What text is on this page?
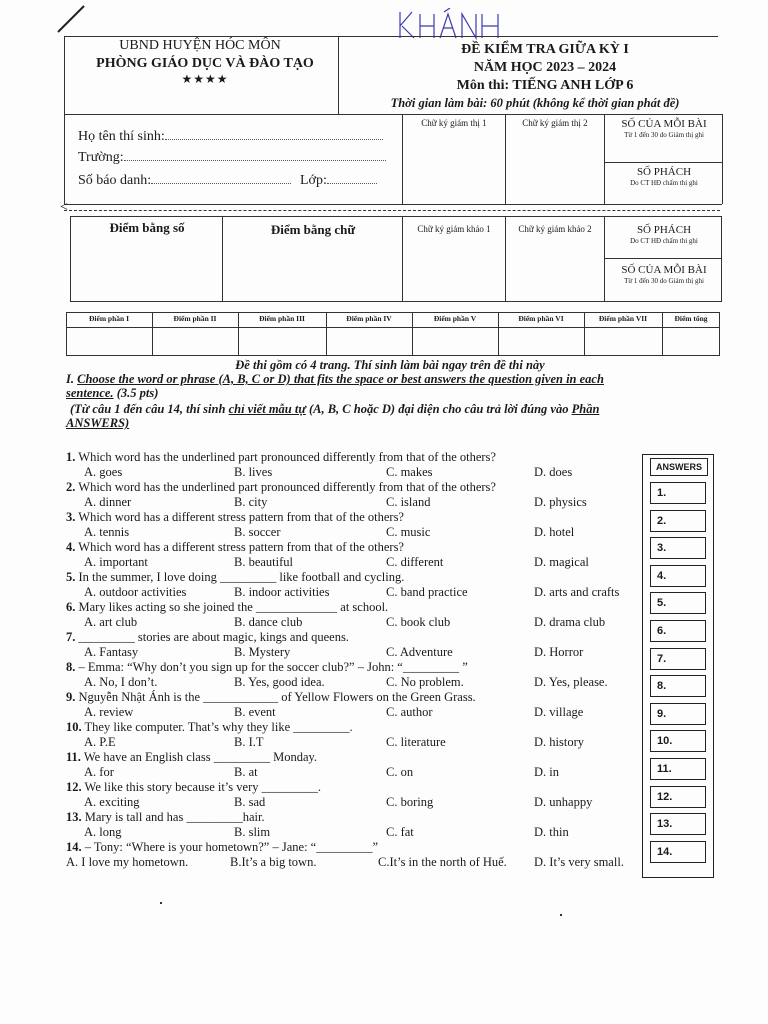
UBND HUYỆN HÓC MÔN
PHÒNG GIÁO DỤC VÀ ĐÀO TẠO
★★★★
ĐỀ KIỂM TRA GIỮA KỲ I
NĂM HỌC 2023 – 2024
Môn thi: TIẾNG ANH LỚP 6
Thời gian làm bài: 60 phút (không kể thời gian phát đề)
Họ tên thí sinh:
Trường:
Số báo danh:	Lớp:
Chữ ký giám thị 1	Chữ ký giám thị 2	SỐ CỦA MỖI BÀI
Từ 1 đến 30 do Giám thị ghi
SỐ PHÁCH
Do CT HĐ chấm thi ghi
<
Điểm bằng số	Điểm bằng chữ	Chữ ký giám khảo 1	Chữ ký giám khảo 2	SỐ PHÁCH
Do CT HĐ chấm thi ghi
SỐ CỦA MỖI BÀI
Từ 1 đến 30 do Giám thị ghi
Điểm phần I	Điểm phần II	Điểm phần III	Điểm phần IV	Điểm phần V	Điểm phần VI	Điểm phần VII	Điểm tổng
Đề thi gồm có 4 trang. Thí sinh làm bài ngay trên đề thi này
I. Choose the word or phrase (A, B, C or D) that fits the space or best answers the question given in each
sentence. (3.5 pts)
(Từ câu 1 đến câu 14, thí sinh chỉ viết mẫu tự (A, B, C hoặc D) đại diện cho câu trả lời đúng vào Phần
ANSWERS)
1. Which word has the underlined part pronounced differently from that of the others?
A. goes	B. lives	C. makes	D. does
2. Which word has the underlined part pronounced differently from that of the others?
A. dinner	B. city	C. island	D. physics
3. Which word has a different stress pattern from that of the others?
A. tennis	B. soccer	C. music	D. hotel
4. Which word has a different stress pattern from that of the others?
A. important	B. beautiful	C. different	D. magical
5. In the summer, I love doing _________ like football and cycling.
A. outdoor activities	B. indoor activities	C. band practice	D. arts and crafts
6. Mary likes acting so she joined the _____________ at school.
A. art club	B. dance club	C. book club	D. drama club
7. _________ stories are about magic, kings and queens.
A. Fantasy	B. Mystery	C. Adventure	D. Horror
8. – Emma: “Why don’t you sign up for the soccer club?” – John: “_________ ”
A. No, I don’t.	B. Yes, good idea.	C. No problem.	D. Yes, please.
9. Nguyễn Nhật Ánh is the ____________ of Yellow Flowers on the Green Grass.
A. review	B. event	C. author	D. village
10. They like computer. That’s why they like _________.
A. P.E	B. I.T	C. literature	D. history
11. We have an English class _________ Monday.
A. for	B. at	C. on	D. in
12. We like this story because it’s very _________.
A. exciting	B. sad	C. boring	D. unhappy
13. Mary is tall and has _________hair.
A. long	B. slim	C. fat	D. thin
14. – Tony: “Where is your hometown?” – Jane: “_________”
A. I love my hometown.	B.It’s a big town.	C.It’s in the north of Huế. D. It’s very small.
ANSWERS
1.
2.
3.
4.
5.
6.
7.
8.
9.
10.
11.
12.
13.
14.
